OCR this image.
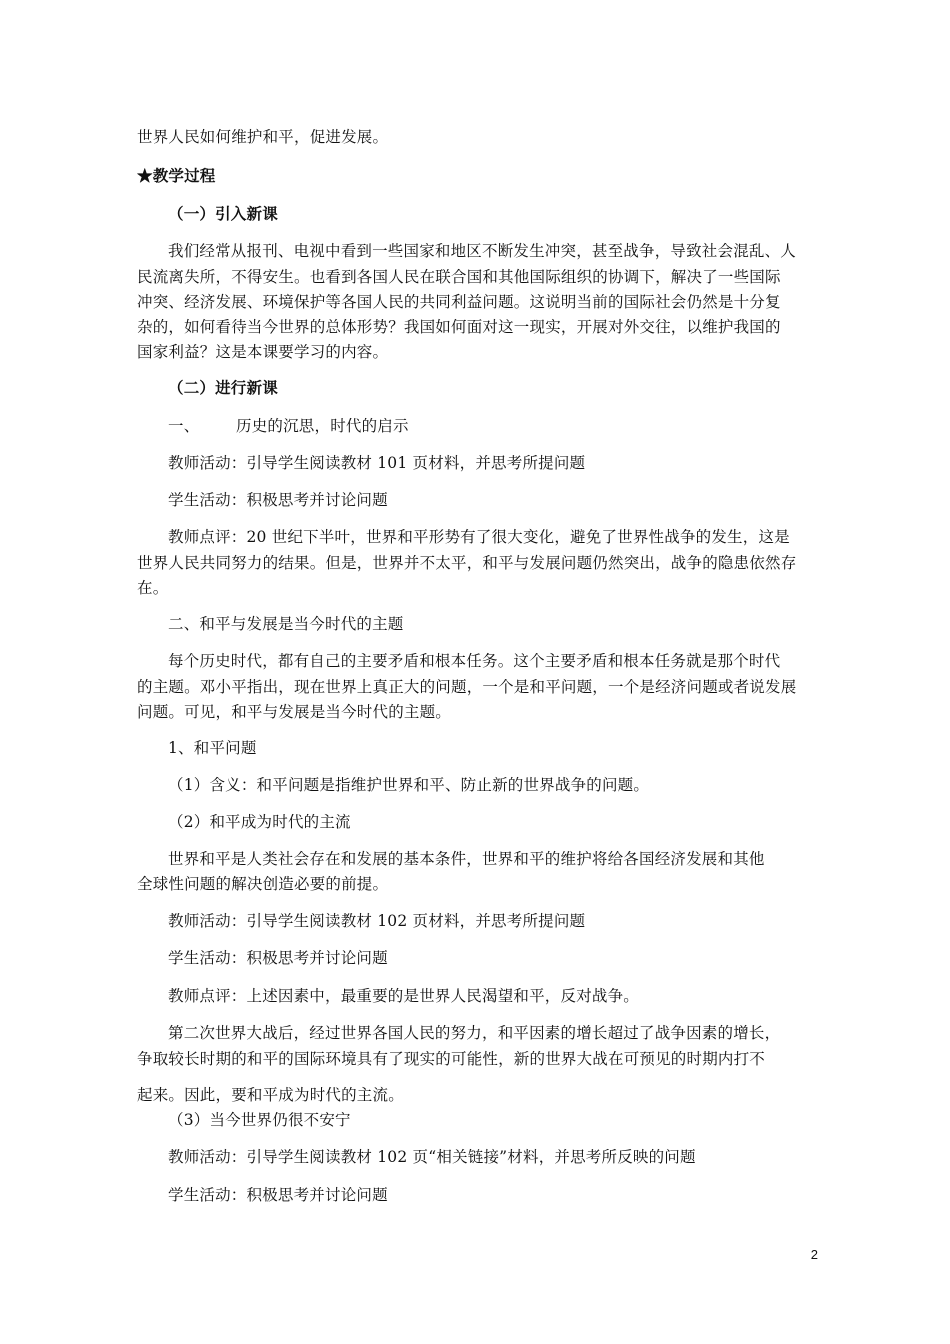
世界人民如何维护和平，促进发展。
★教学过程
（一）引入新课
我们经常从报刊、电视中看到一些国家和地区不断发生冲突，甚至战争，导致社会混乱、人
民流离失所，不得安生。也看到各国人民在联合国和其他国际组织的协调下，解决了一些国际
冲突、经济发展、环境保护等各国人民的共同利益问题。这说明当前的国际社会仍然是十分复
杂的，如何看待当今世界的总体形势？我国如何面对这一现实，开展对外交往，以维护我国的
国家利益？这是本课要学习的内容。
（二）进行新课
一、 历史的沉思，时代的启示
教师活动：引导学生阅读教材 101 页材料，并思考所提问题
学生活动：积极思考并讨论问题
教师点评：20 世纪下半叶，世界和平形势有了很大变化，避免了世界性战争的发生，这是
世界人民共同努力的结果。但是，世界并不太平，和平与发展问题仍然突出，战争的隐患依然存
在。
二、和平与发展是当今时代的主题
每个历史时代，都有自己的主要矛盾和根本任务。这个主要矛盾和根本任务就是那个时代
的主题。邓小平指出，现在世界上真正大的问题，一个是和平问题，一个是经济问题或者说发展
问题。可见，和平与发展是当今时代的主题。
1、和平问题
（1）含义：和平问题是指维护世界和平、防止新的世界战争的问题。
（2）和平成为时代的主流
世界和平是人类社会存在和发展的基本条件，世界和平的维护将给各国经济发展和其他
全球性问题的解决创造必要的前提。
教师活动：引导学生阅读教材 102 页材料，并思考所提问题
学生活动：积极思考并讨论问题
教师点评：上述因素中，最重要的是世界人民渴望和平，反对战争。
第二次世界大战后，经过世界各国人民的努力，和平因素的增长超过了战争因素的增长，
争取较长时期的和平的国际环境具有了现实的可能性，新的世界大战在可预见的时期内打不
起来。因此，要和平成为时代的主流。
（3）当今世界仍很不安宁
教师活动：引导学生阅读教材 102 页“相关链接”材料，并思考所反映的问题
学生活动：积极思考并讨论问题
2
